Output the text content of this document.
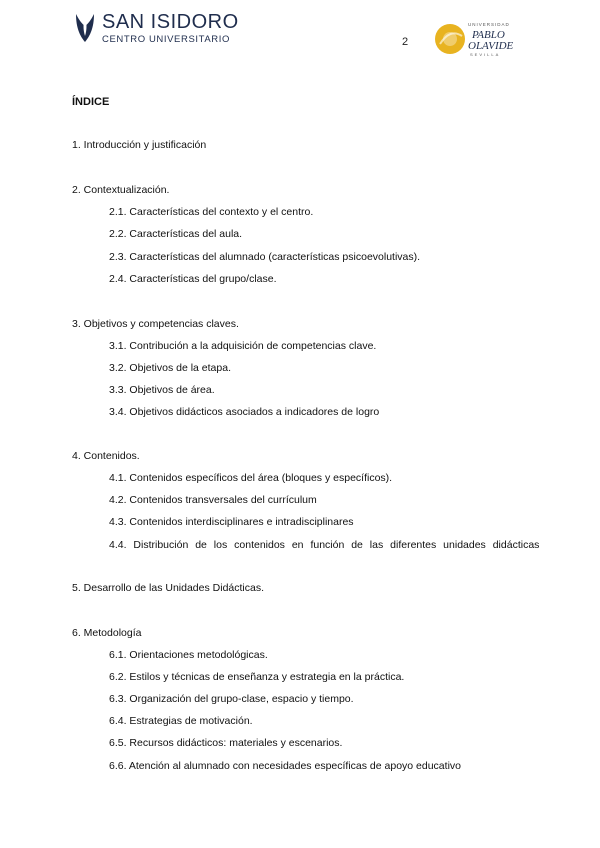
SAN ISIDORO
CENTRO UNIVERSITARIO	2
UNIVERSIDAD
PABLO
OLAVIDE
SEVILLA
ÍNDICE
1. Introducción y justificación
2. Contextualización.
2.1. Características del contexto y el centro.
2.2. Características del aula.
2.3. Características del alumnado (características psicoevolutivas).
2.4. Características del grupo/clase.
3. Objetivos y competencias claves.
3.1. Contribución a la adquisición de competencias clave.
3.2. Objetivos de la etapa.
3.3. Objetivos de área.
3.4. Objetivos didácticos asociados a indicadores de logro
4. Contenidos.
4.1. Contenidos específicos del área (bloques y específicos).
4.2. Contenidos transversales del currículum
4.3. Contenidos interdisciplinares e intradisciplinares
4.4. Distribución de los contenidos en función de las diferentes unidades didácticas
5. Desarrollo de las Unidades Didácticas.
6. Metodología
6.1. Orientaciones metodológicas.
6.2. Estilos y técnicas de enseñanza y estrategia en la práctica.
6.3. Organización del grupo-clase, espacio y tiempo.
6.4. Estrategias de motivación.
6.5. Recursos didácticos: materiales y escenarios.
6.6. Atención al alumnado con necesidades específicas de apoyo educativo
